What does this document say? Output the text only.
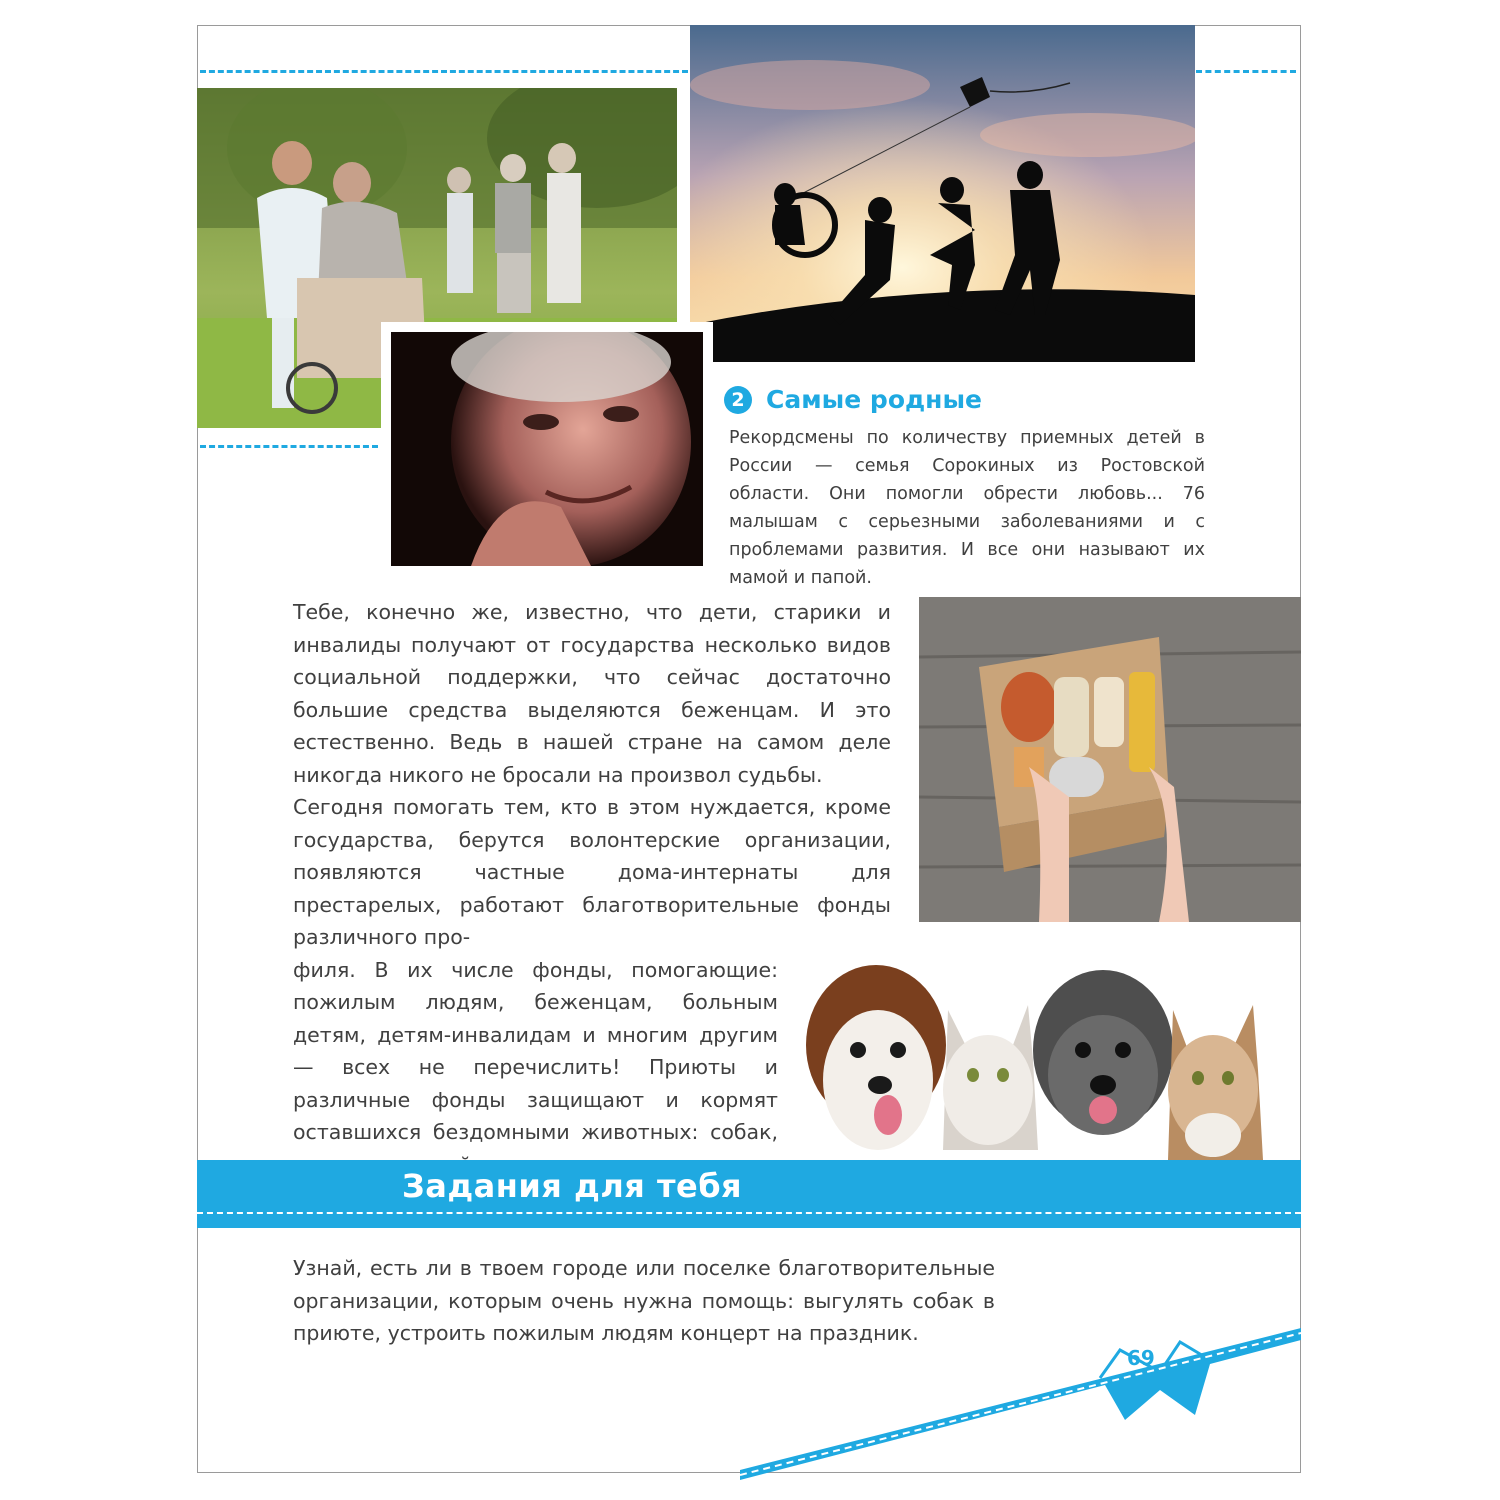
2 Самые родные
Рекордсмены по количеству приемных детей в России — семья Сорокиных из Ростовской области. Они помогли обрести любовь... 76 малышам с серьезными заболеваниями и с проблемами развития. И все они называют их мамой и папой.

Тебе, конечно же, известно, что дети, старики и инвалиды получают от государства несколько видов социальной поддержки, что сейчас достаточно большие средства выделяются беженцам. И это естественно. Ведь в нашей стране на самом деле никогда никого не бросали на произвол судьбы.

Сегодня помогать тем, кто в этом нуждается, кроме государства, берутся волонтерские организации, появляются частные дома-интернаты для престарелых, работают благотворительные фонды различного про-

филя. В их числе фонды, помогающие: пожилым людям, беженцам, больным детям, детям-инвалидам и многим другим — всех не перечислить! Приюты и различные фонды защищают и кормят оставшихся бездомными животных: собак,

Задания для тебя
Узнай, есть ли в твоем городе или поселке благотворительные организации, которым очень нужна помощь: выгулять собак в приюте, устроить пожилым людям концерт на праздник.
69
